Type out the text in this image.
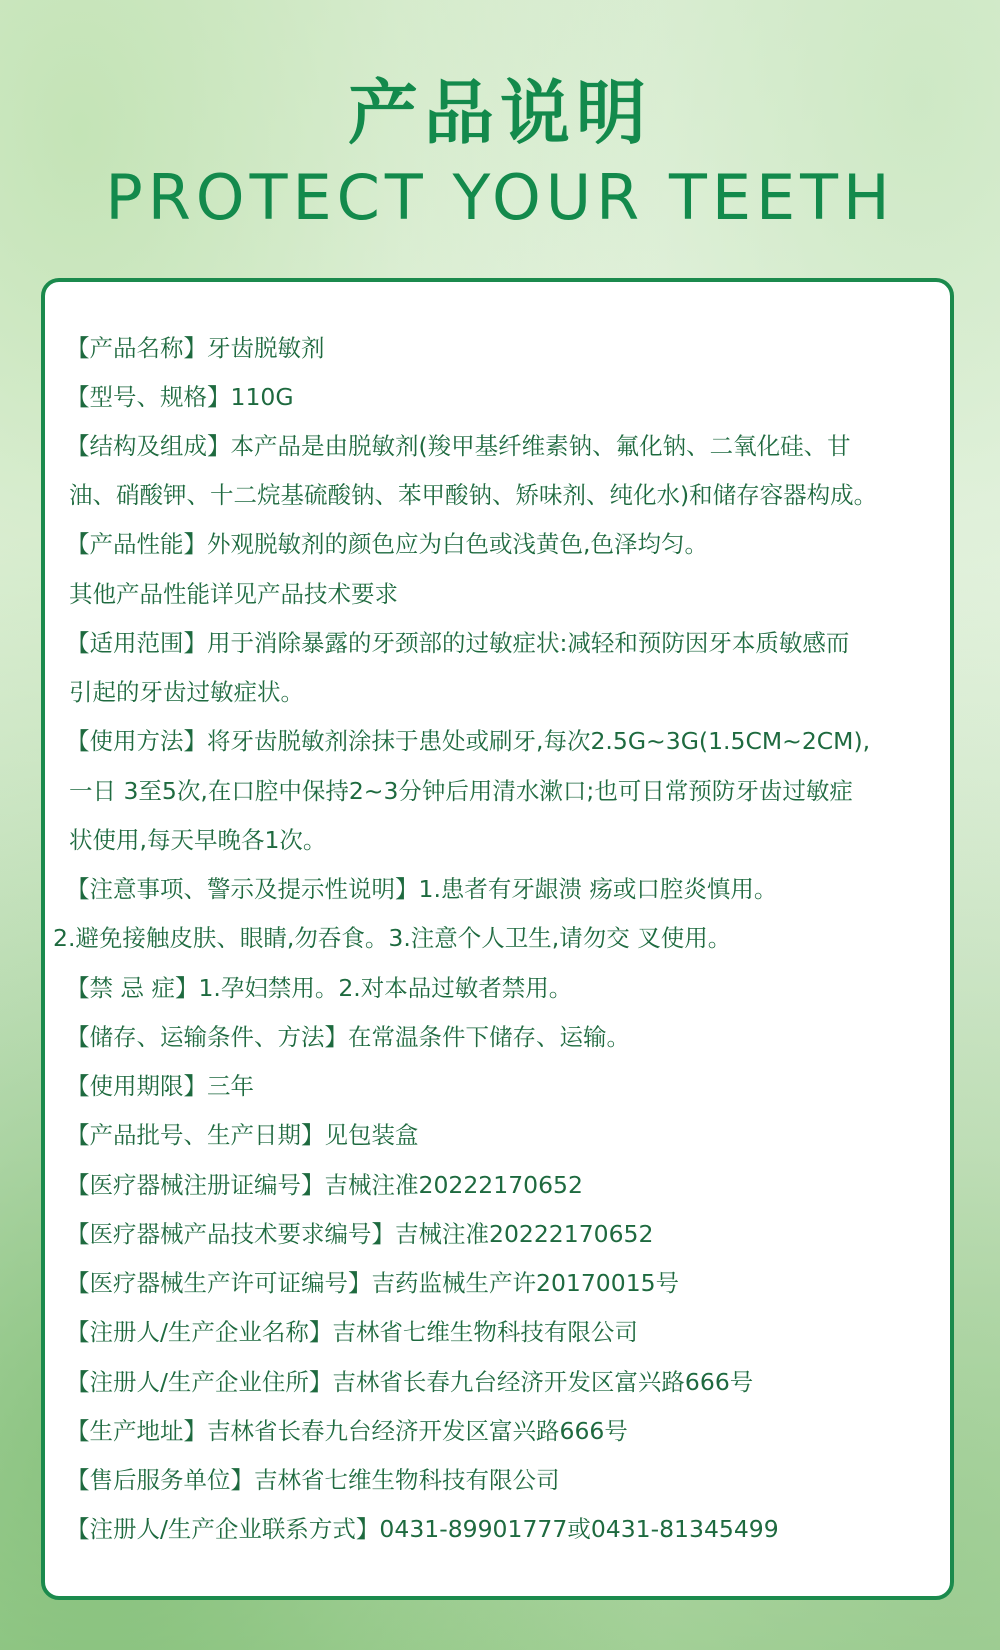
产品说明
PROTECT YOUR TEETH
【产品名称】牙齿脱敏剂
【型号、规格】110G
【结构及组成】本产品是由脱敏剂(羧甲基纤维素钠、氟化钠、二氧化硅、甘
油、硝酸钾、十二烷基硫酸钠、苯甲酸钠、矫味剂、纯化水)和储存容器构成。
【产品性能】外观脱敏剂的颜色应为白色或浅黄色,色泽均匀。
其他产品性能详见产品技术要求
【适用范围】用于消除暴露的牙颈部的过敏症状:减轻和预防因牙本质敏感而
引起的牙齿过敏症状。
【使用方法】将牙齿脱敏剂涂抹于患处或刷牙,每次2.5G~3G(1.5CM~2CM),
一日 3至5次,在口腔中保持2~3分钟后用清水漱口;也可日常预防牙齿过敏症
状使用,每天早晚各1次。
【注意事项、警示及提示性说明】1.患者有牙龈溃 疡或口腔炎慎用。
2.避免接触皮肤、眼睛,勿吞食。3.注意个人卫生,请勿交 叉使用。
【禁 忌 症】1.孕妇禁用。2.对本品过敏者禁用。
【储存、运输条件、方法】在常温条件下储存、运输。
【使用期限】三年
【产品批号、生产日期】见包装盒
【医疗器械注册证编号】吉械注准20222170652
【医疗器械产品技术要求编号】吉械注准20222170652
【医疗器械生产许可证编号】吉药监械生产许20170015号
【注册人/生产企业名称】吉林省七维生物科技有限公司
【注册人/生产企业住所】吉林省长春九台经济开发区富兴路666号
【生产地址】吉林省长春九台经济开发区富兴路666号
【售后服务单位】吉林省七维生物科技有限公司
【注册人/生产企业联系方式】0431-89901777或0431-81345499
